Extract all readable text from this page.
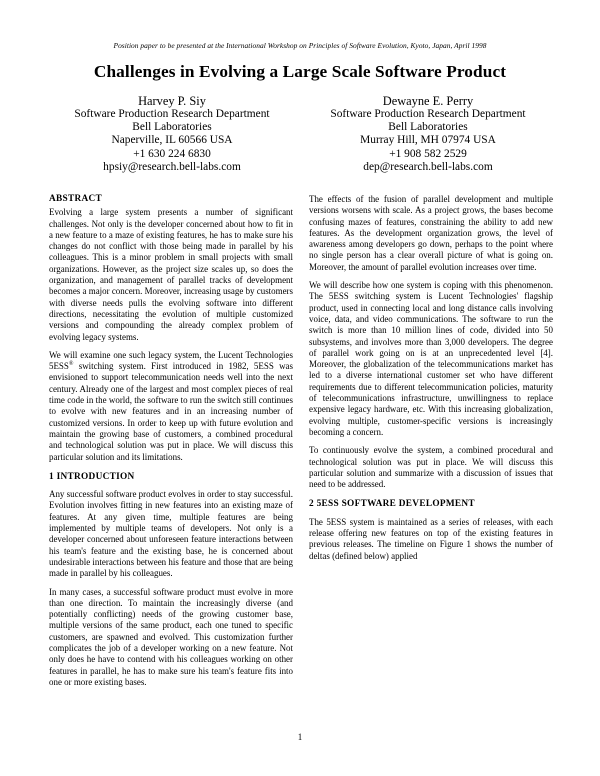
Position paper to be presented at the International Workshop on Principles of Software Evolution, Kyoto, Japan, April 1998
Challenges in Evolving a Large Scale Software Product
Harvey P. Siy
Software Production Research Department
Bell Laboratories
Naperville, IL 60566 USA
+1 630 224 6830
hpsiy@research.bell-labs.com
Dewayne E. Perry
Software Production Research Department
Bell Laboratories
Murray Hill, MH 07974 USA
+1 908 582 2529
dep@research.bell-labs.com
ABSTRACT

Evolving a large system presents a number of significant challenges. Not only is the developer concerned about how to fit in a new feature to a maze of existing features, he has to make sure his changes do not conflict with those being made in parallel by his colleagues. This is a minor problem in small projects with small organizations. However, as the project size scales up, so does the organization, and management of parallel tracks of development becomes a major concern. Moreover, increasing usage by customers with diverse needs pulls the evolving software into different directions, necessitating the evolution of multiple customized versions and compounding the already complex problem of evolving legacy systems.

We will examine one such legacy system, the Lucent Technologies 5ESS® switching system. First introduced in 1982, 5ESS was envisioned to support telecommunication needs well into the next century. Already one of the largest and most complex pieces of real time code in the world, the software to run the switch still continues to evolve with new features and in an increasing number of customized versions. In order to keep up with future evolution and maintain the growing base of customers, a combined procedural and technological solution was put in place. We will discuss this particular solution and its limitations.

1 INTRODUCTION

Any successful software product evolves in order to stay successful. Evolution involves fitting in new features into an existing maze of features. At any given time, multiple features are being implemented by multiple teams of developers. Not only is a developer concerned about unforeseen feature interactions between his team's feature and the existing base, he is concerned about undesirable interactions between his feature and those that are being made in parallel by his colleagues.

In many cases, a successful software product must evolve in more than one direction. To maintain the increasingly diverse (and potentially conflicting) needs of the growing customer base, multiple versions of the same product, each one tuned to specific customers, are spawned and evolved. This customization further complicates the job of a developer working on a new feature. Not only does he have to contend with his colleagues working on other features in parallel, he has to make sure his team's feature fits into one or more existing bases.

The effects of the fusion of parallel development and multiple versions worsens with scale. As a project grows, the bases become confusing mazes of features, constraining the ability to add new features. As the development organization grows, the level of awareness among developers go down, perhaps to the point where no single person has a clear overall picture of what is going on. Moreover, the amount of parallel evolution increases over time.

We will describe how one system is coping with this phenomenon. The 5ESS switching system is Lucent Technologies' flagship product, used in connecting local and long distance calls involving voice, data, and video communications. The software to run the switch is more than 10 million lines of code, divided into 50 subsystems, and involves more than 3,000 developers. The degree of parallel work going on is at an unprecedented level [4]. Moreover, the globalization of the telecommunications market has led to a diverse international customer set who have different requirements due to different telecommunication policies, maturity of telecommunications infrastructure, unwillingness to replace expensive legacy hardware, etc. With this increasing globalization, evolving multiple, customer-specific versions is increasingly becoming a concern.

To continuously evolve the system, a combined procedural and technological solution was put in place. We will discuss this particular solution and summarize with a discussion of issues that need to be addressed.

2 5ESS SOFTWARE DEVELOPMENT

The 5ESS system is maintained as a series of releases, with each release offering new features on top of the existing features in previous releases. The timeline on Figure 1 shows the number of deltas (defined below) applied

1
